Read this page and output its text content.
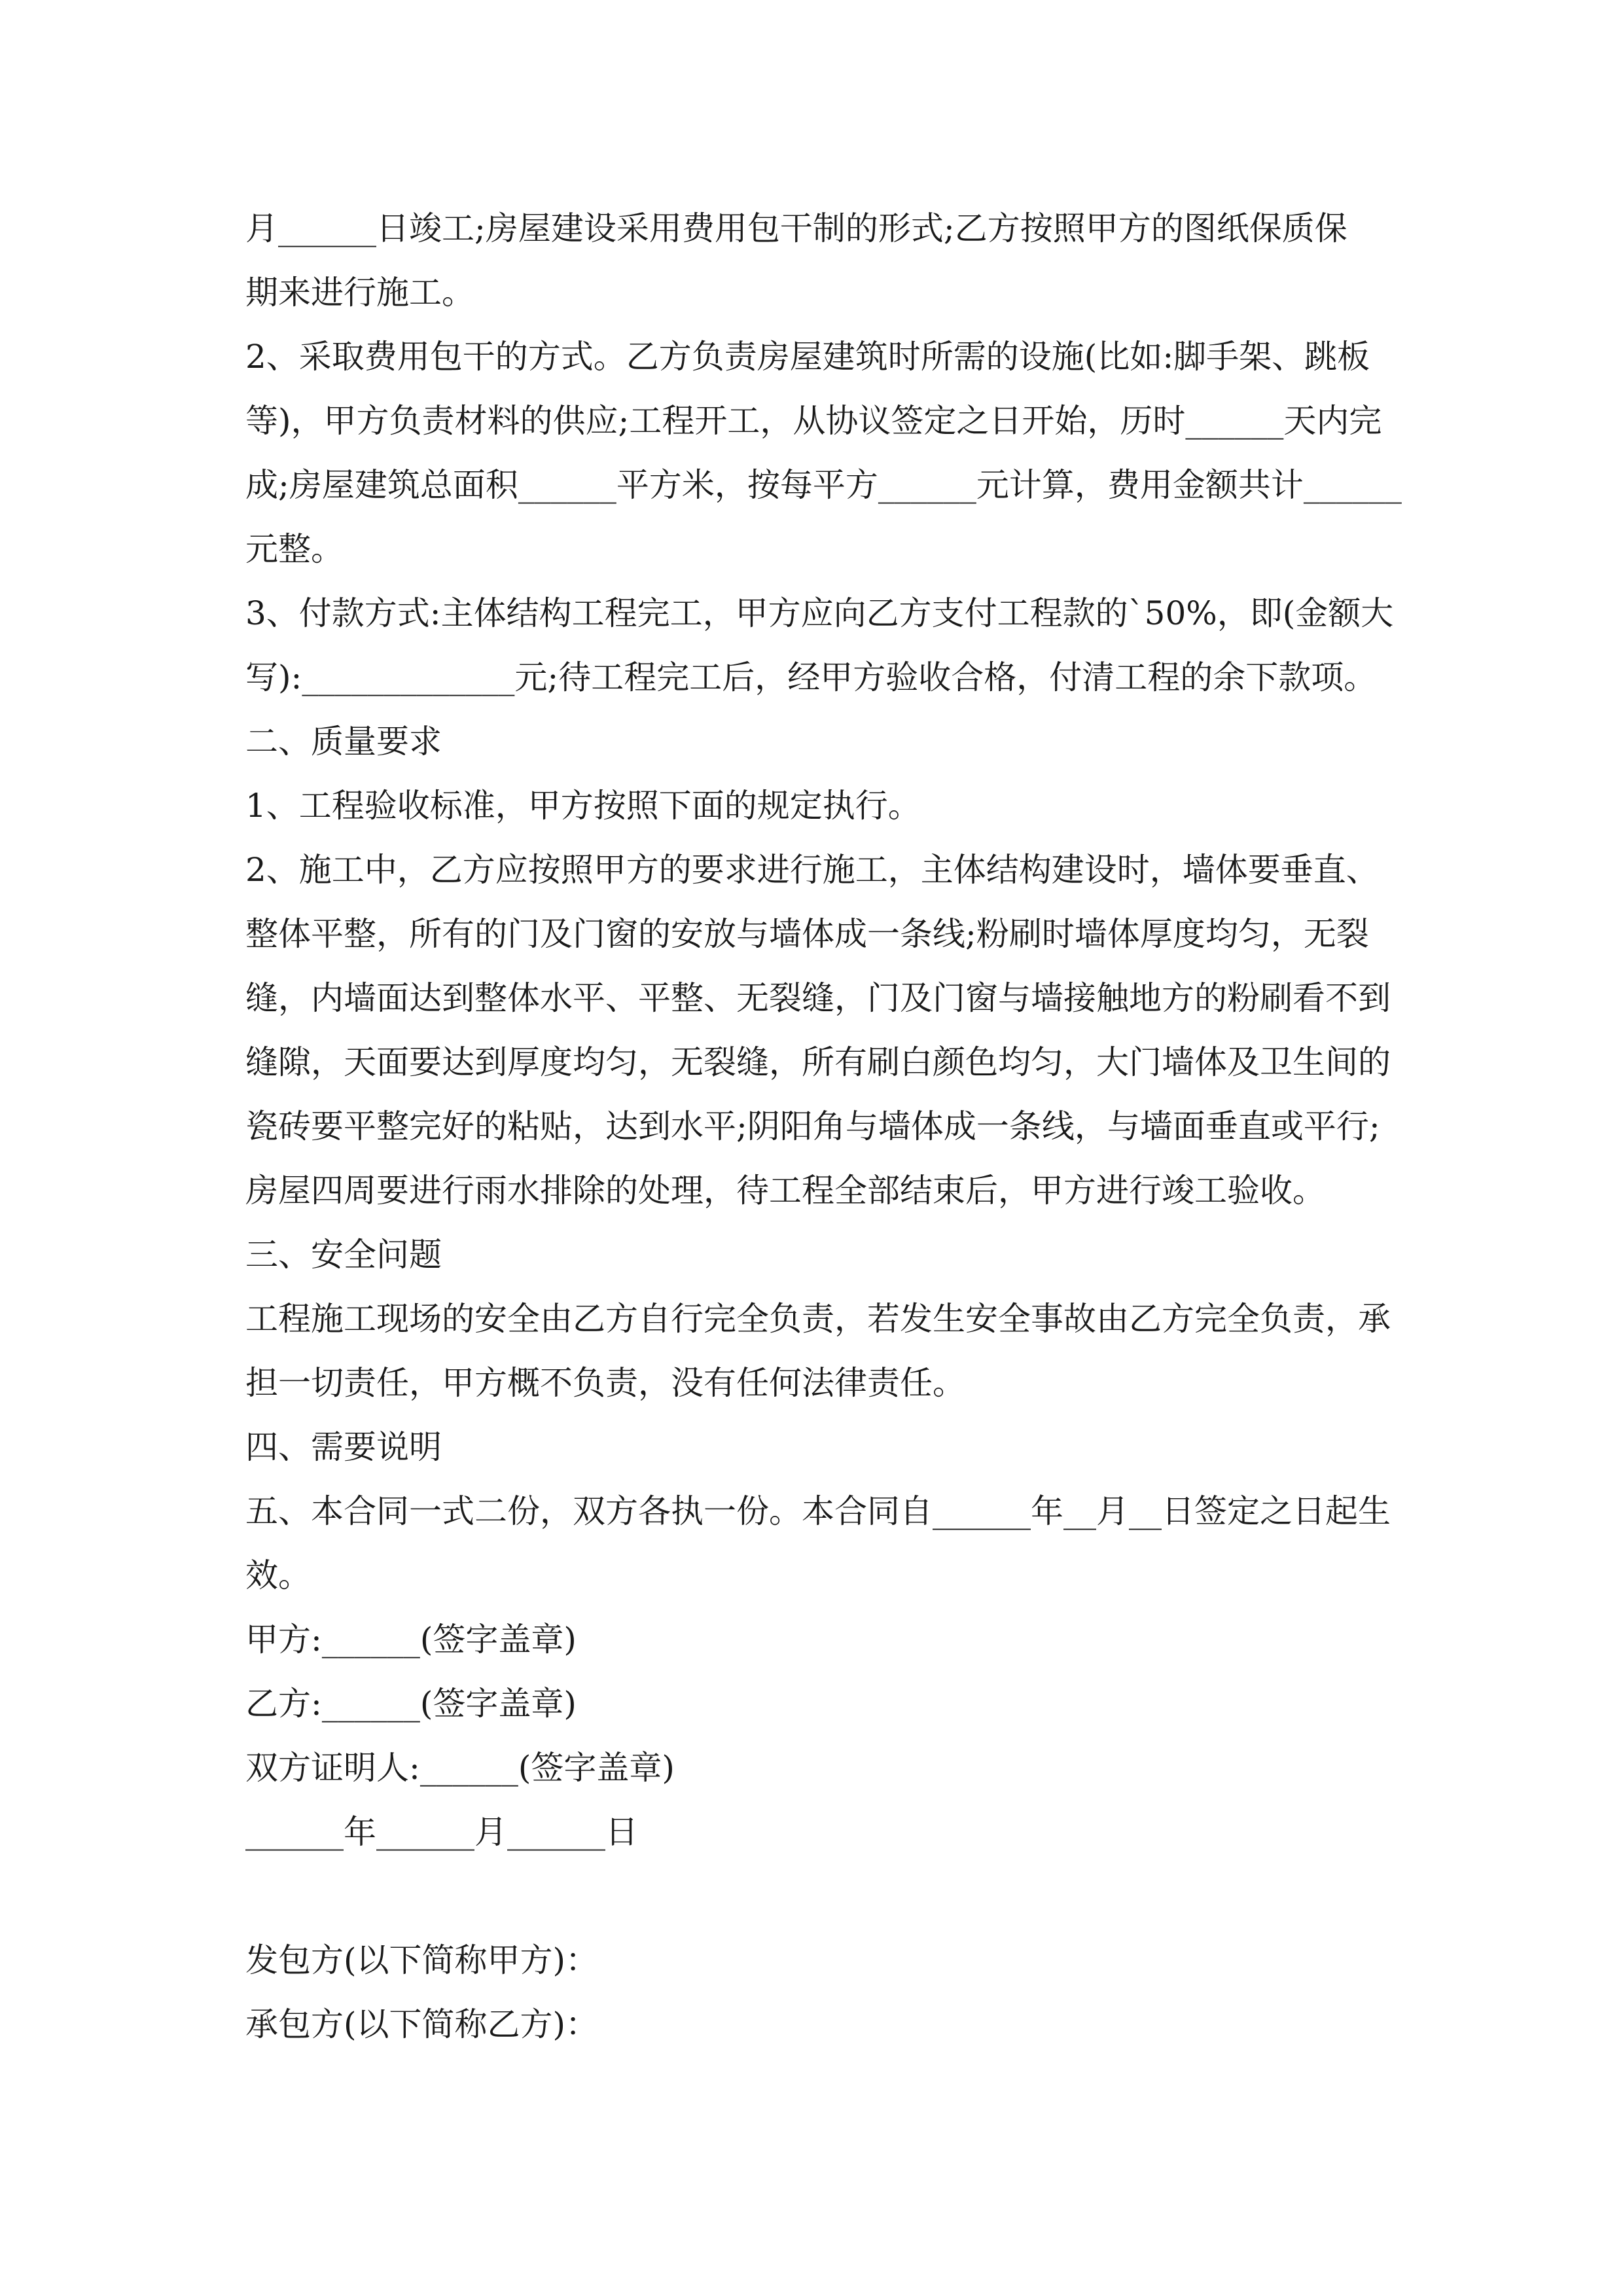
月______日竣工;房屋建设采用费用包干制的形式;乙方按照甲方的图纸保质保
期来进行施工。
2、采取费用包干的方式。乙方负责房屋建筑时所需的设施(比如:脚手架、跳板
等)，甲方负责材料的供应;工程开工，从协议签定之日开始，历时______天内完
成;房屋建筑总面积______平方米，按每平方______元计算，费用金额共计______
元整。
3、付款方式:主体结构工程完工，甲方应向乙方支付工程款的`50%，即(金额大
写):_____________元;待工程完工后，经甲方验收合格，付清工程的余下款项。
二、质量要求
1、工程验收标准，甲方按照下面的规定执行。
2、施工中，乙方应按照甲方的要求进行施工，主体结构建设时，墙体要垂直、
整体平整，所有的门及门窗的安放与墙体成一条线;粉刷时墙体厚度均匀，无裂
缝，内墙面达到整体水平、平整、无裂缝，门及门窗与墙接触地方的粉刷看不到
缝隙，天面要达到厚度均匀，无裂缝，所有刷白颜色均匀，大门墙体及卫生间的
瓷砖要平整完好的粘贴，达到水平;阴阳角与墙体成一条线，与墙面垂直或平行;
房屋四周要进行雨水排除的处理，待工程全部结束后，甲方进行竣工验收。
三、安全问题
工程施工现场的安全由乙方自行完全负责，若发生安全事故由乙方完全负责，承
担一切责任，甲方概不负责，没有任何法律责任。
四、需要说明
五、本合同一式二份，双方各执一份。本合同自______年__月__日签定之日起生
效。
甲方:______(签字盖章)
乙方:______(签字盖章)
双方证明人:______(签字盖章)
______年______月______日
发包方(以下简称甲方)：
承包方(以下简称乙方)：
